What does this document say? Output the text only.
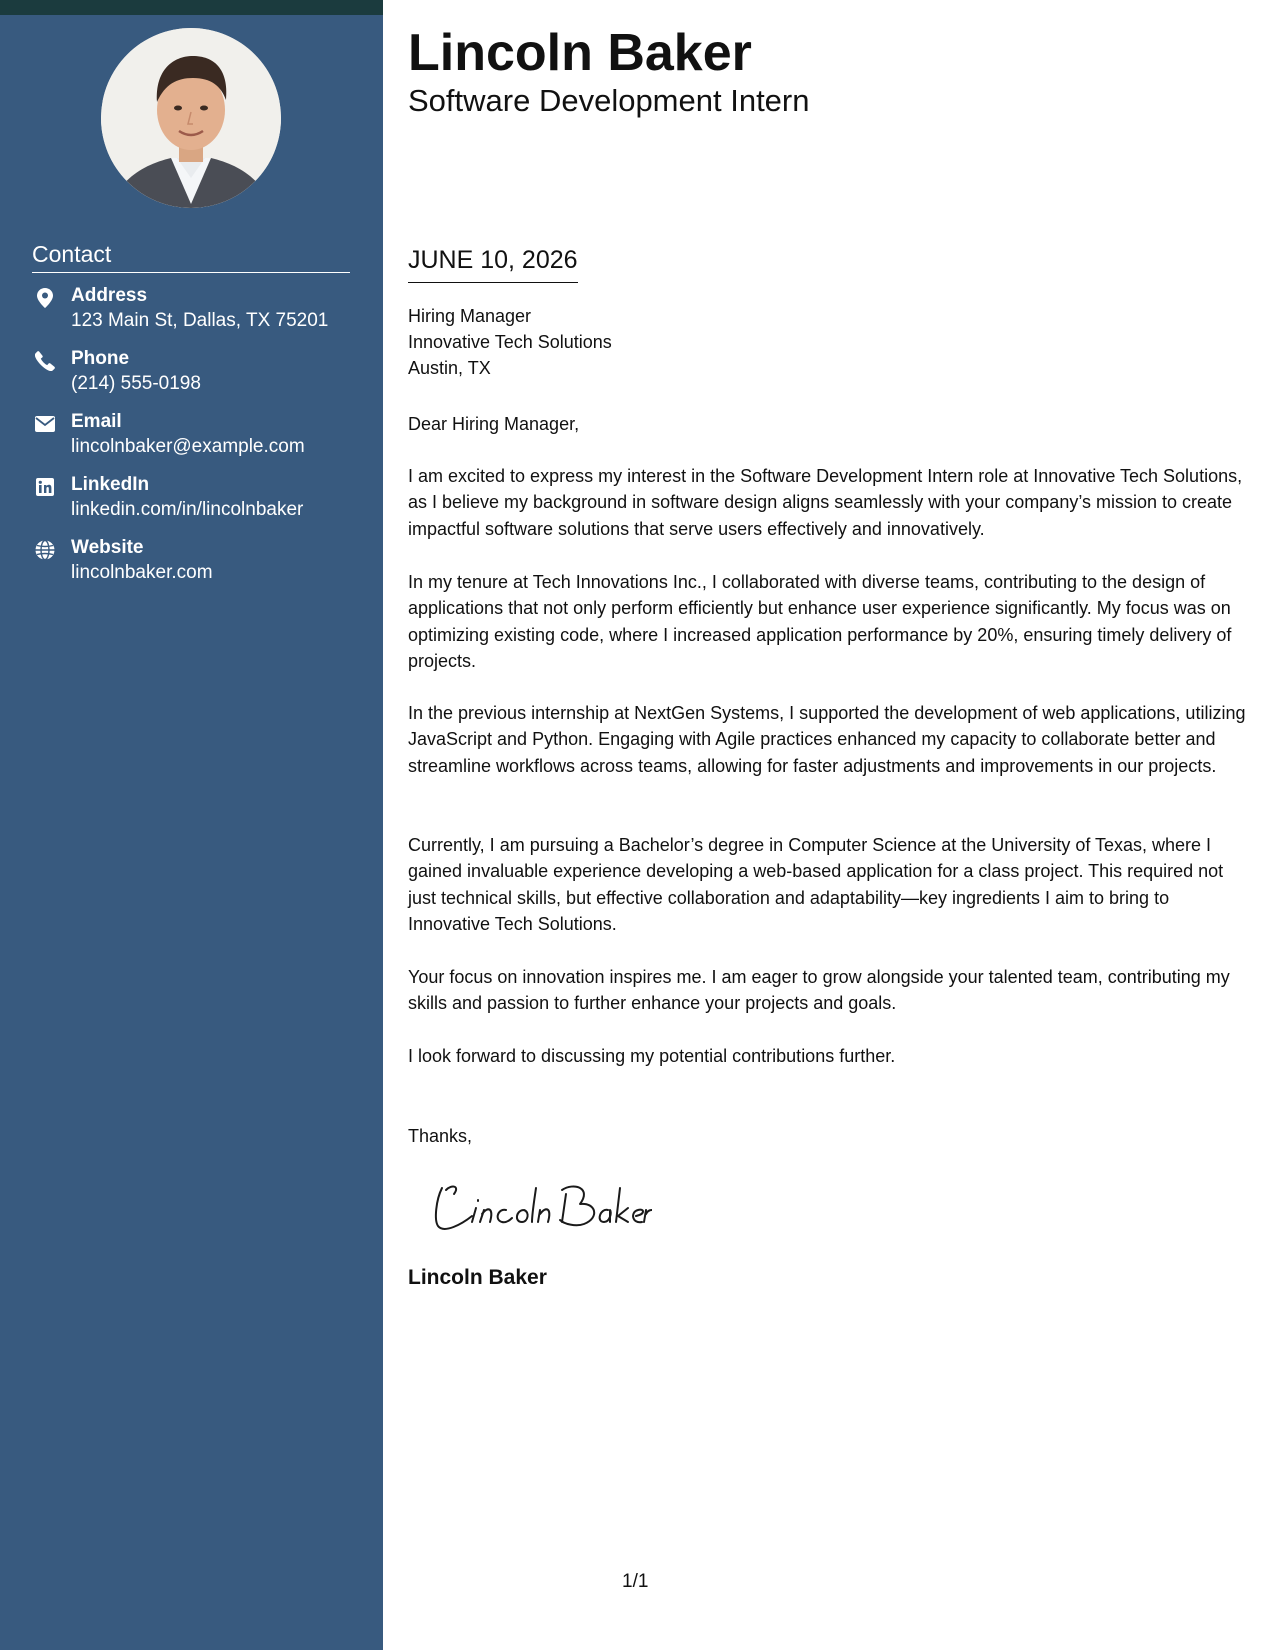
Contact
Address
123 Main St, Dallas, TX 75201
Phone
(214) 555-0198
Email
lincolnbaker@example.com
LinkedIn
linkedin.com/in/lincolnbaker
Website
lincolnbaker.com
Lincoln Baker
Software Development Intern
JUNE 10, 2026
Hiring Manager
Innovative Tech Solutions
Austin, TX
Dear Hiring Manager,
I am excited to express my interest in the Software Development Intern role at Innovative Tech Solutions, as I believe my background in software design aligns seamlessly with your company’s mission to create impactful software solutions that serve users effectively and innovatively.
In my tenure at Tech Innovations Inc., I collaborated with diverse teams, contributing to the design of applications that not only perform efficiently but enhance user experience significantly. My focus was on optimizing existing code, where I increased application performance by 20%, ensuring timely delivery of projects.
In the previous internship at NextGen Systems, I supported the development of web applications, utilizing JavaScript and Python. Engaging with Agile practices enhanced my capacity to collaborate better and streamline workflows across teams, allowing for faster adjustments and improvements in our projects.
Currently, I am pursuing a Bachelor’s degree in Computer Science at the University of Texas, where I gained invaluable experience developing a web-based application for a class project. This required not just technical skills, but effective collaboration and adaptability—key ingredients I aim to bring to Innovative Tech Solutions.
Your focus on innovation inspires me. I am eager to grow alongside your talented team, contributing my skills and passion to further enhance your projects and goals.
I look forward to discussing my potential contributions further.
Thanks,
Lincoln Baker
1/1
